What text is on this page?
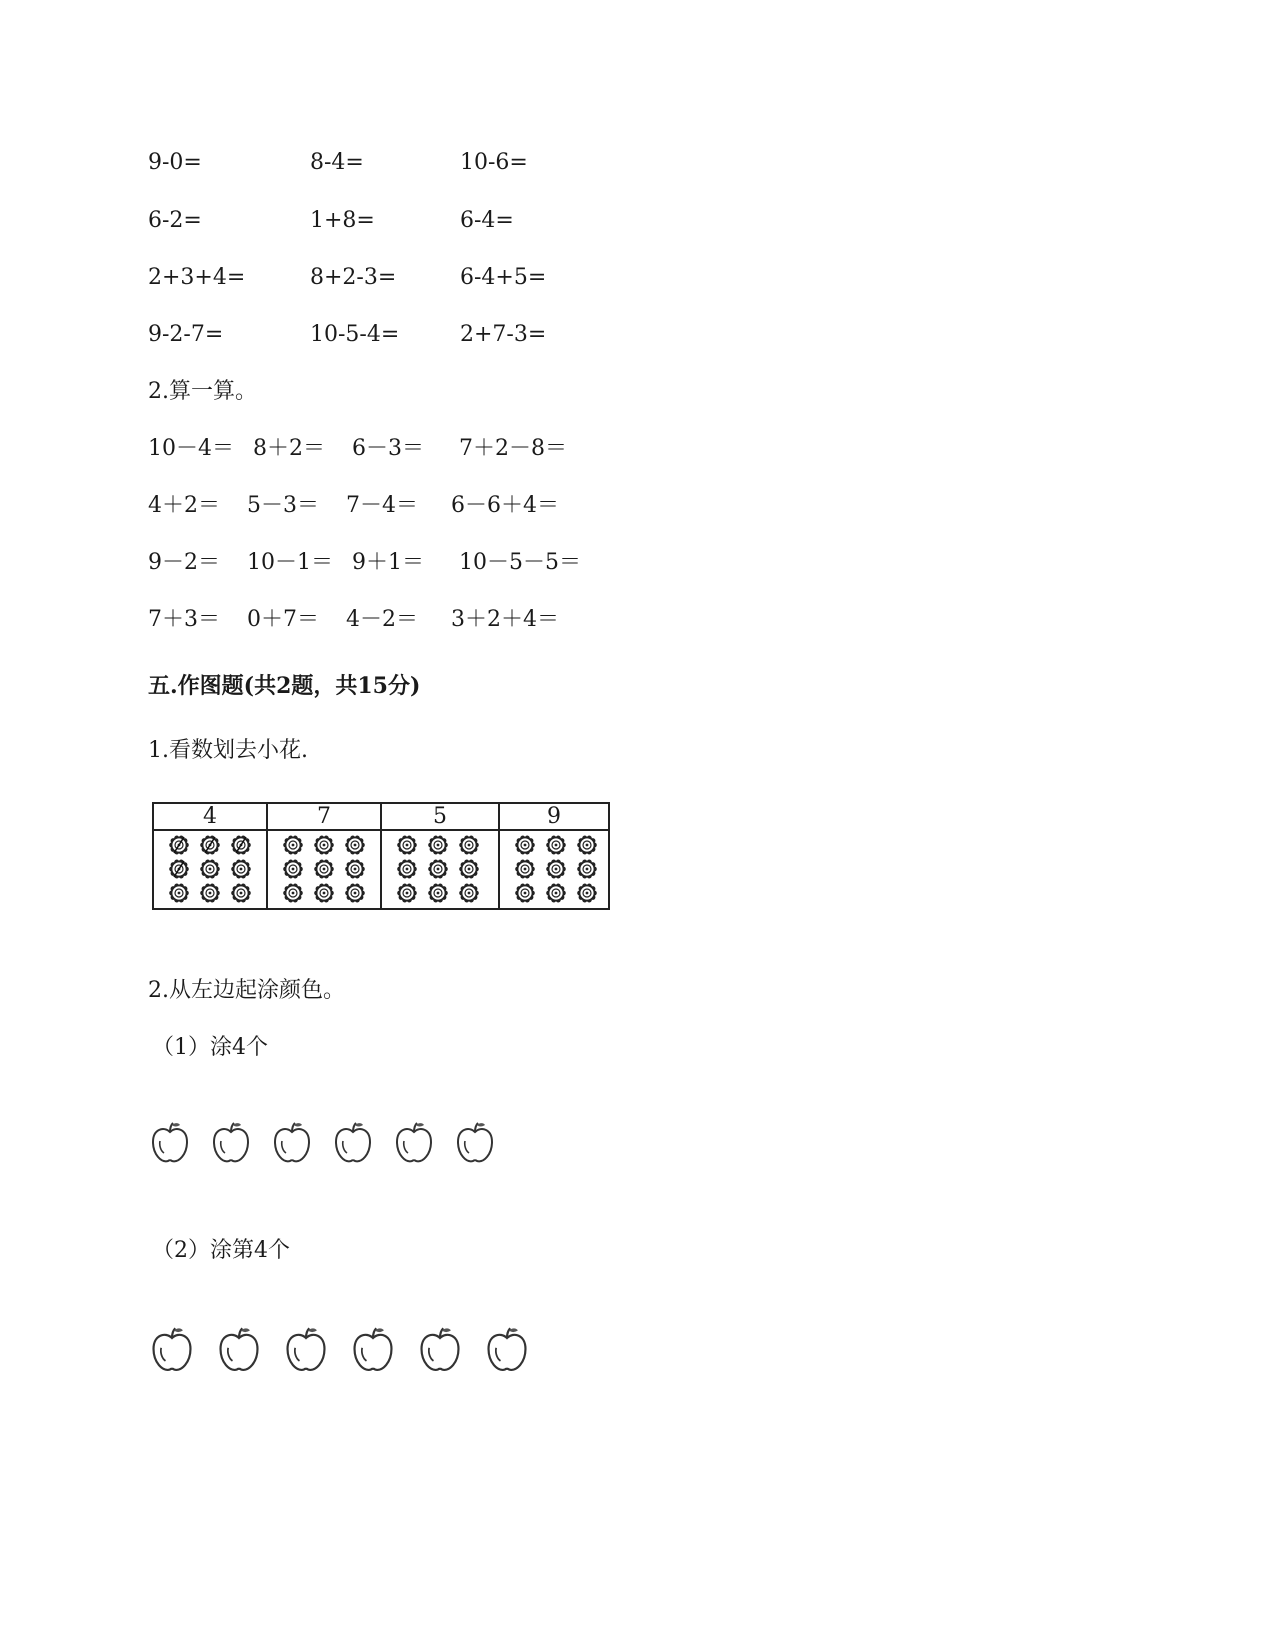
9-0=	8-4=	10-6=
6-2=	1+8=	6-4=
2+3+4=	8+2-3=	6-4+5=
9-2-7=	10-5-4=	2+7-3=
2.算一算。
10－4＝ 8＋2＝ 6－3＝ 7＋2－8＝
4＋2＝ 5－3＝ 7－4＝ 6－6＋4＝
9－2＝ 10－1＝ 9＋1＝ 10－5－5＝
7＋3＝ 0＋7＝ 4－2＝ 3＋2＋4＝
五.作图题(共2题，共15分)
1.看数划去小花.
4	7	5	9
2.从左边起涂颜色。
（1）涂4个
（2）涂第4个
